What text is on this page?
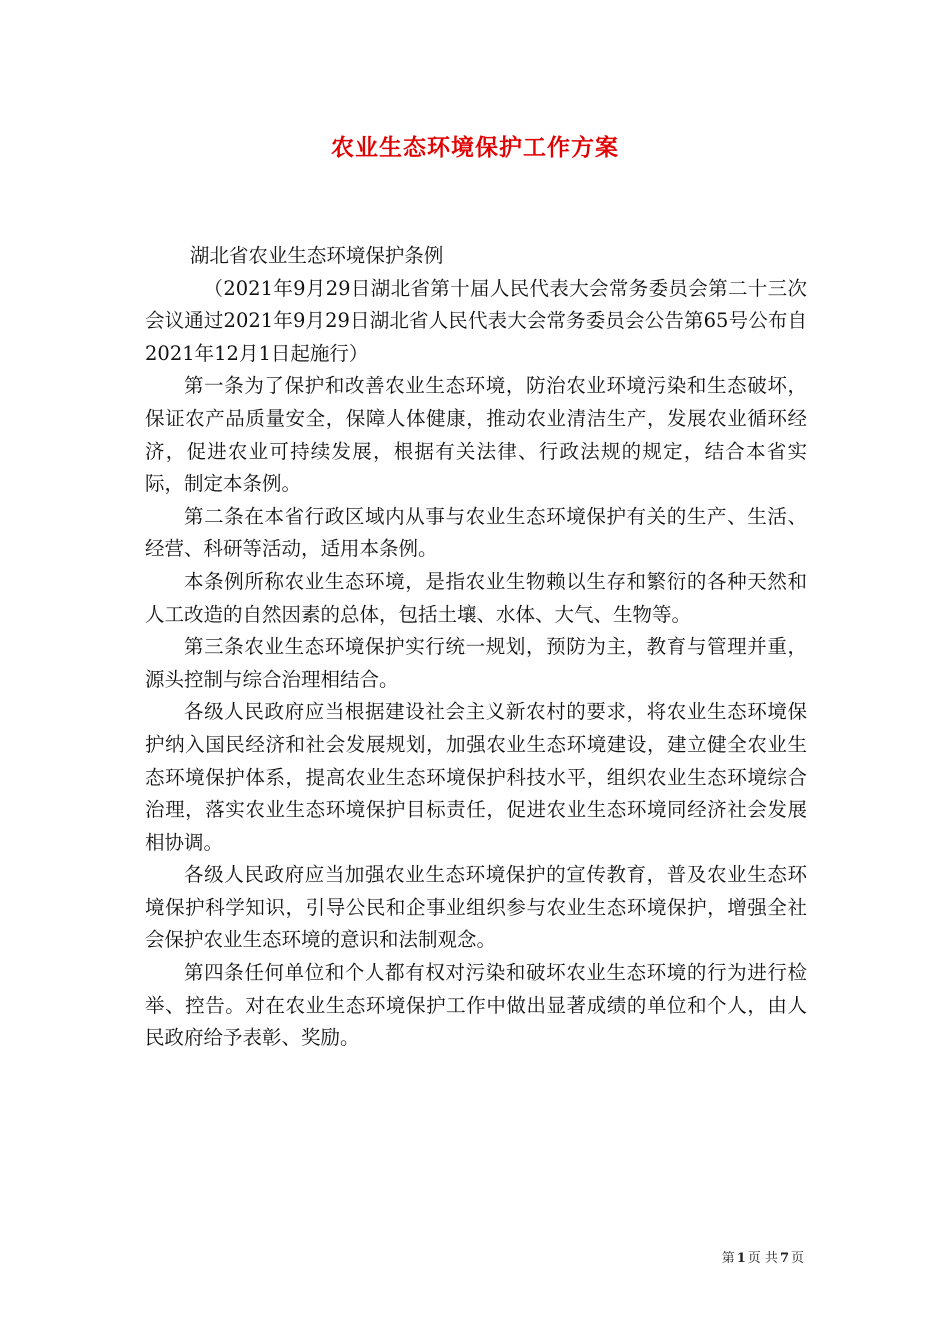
农业生态环境保护工作方案

湖北省农业生态环境保护条例

（2021年9月29日湖北省第十届人民代表大会常务委员会第二十三次会议通过2021年9月29日湖北省人民代表大会常务委员会公告第65号公布自2021年12月1日起施行）

第一条为了保护和改善农业生态环境，防治农业环境污染和生态破坏，保证农产品质量安全，保障人体健康，推动农业清洁生产，发展农业循环经济，促进农业可持续发展，根据有关法律、行政法规的规定，结合本省实际，制定本条例。

第二条在本省行政区域内从事与农业生态环境保护有关的生产、生活、经营、科研等活动，适用本条例。

本条例所称农业生态环境，是指农业生物赖以生存和繁衍的各种天然和人工改造的自然因素的总体，包括土壤、水体、大气、生物等。

第三条农业生态环境保护实行统一规划，预防为主，教育与管理并重，源头控制与综合治理相结合。

各级人民政府应当根据建设社会主义新农村的要求，将农业生态环境保护纳入国民经济和社会发展规划，加强农业生态环境建设，建立健全农业生态环境保护体系，提高农业生态环境保护科技水平，组织农业生态环境综合治理，落实农业生态环境保护目标责任，促进农业生态环境同经济社会发展相协调。

各级人民政府应当加强农业生态环境保护的宣传教育，普及农业生态环境保护科学知识，引导公民和企事业组织参与农业生态环境保护，增强全社会保护农业生态环境的意识和法制观念。

第四条任何单位和个人都有权对污染和破坏农业生态环境的行为进行检举、控告。对在农业生态环境保护工作中做出显著成绩的单位和个人，由人民政府给予表彰、奖励。

第 1 页 共 7 页
